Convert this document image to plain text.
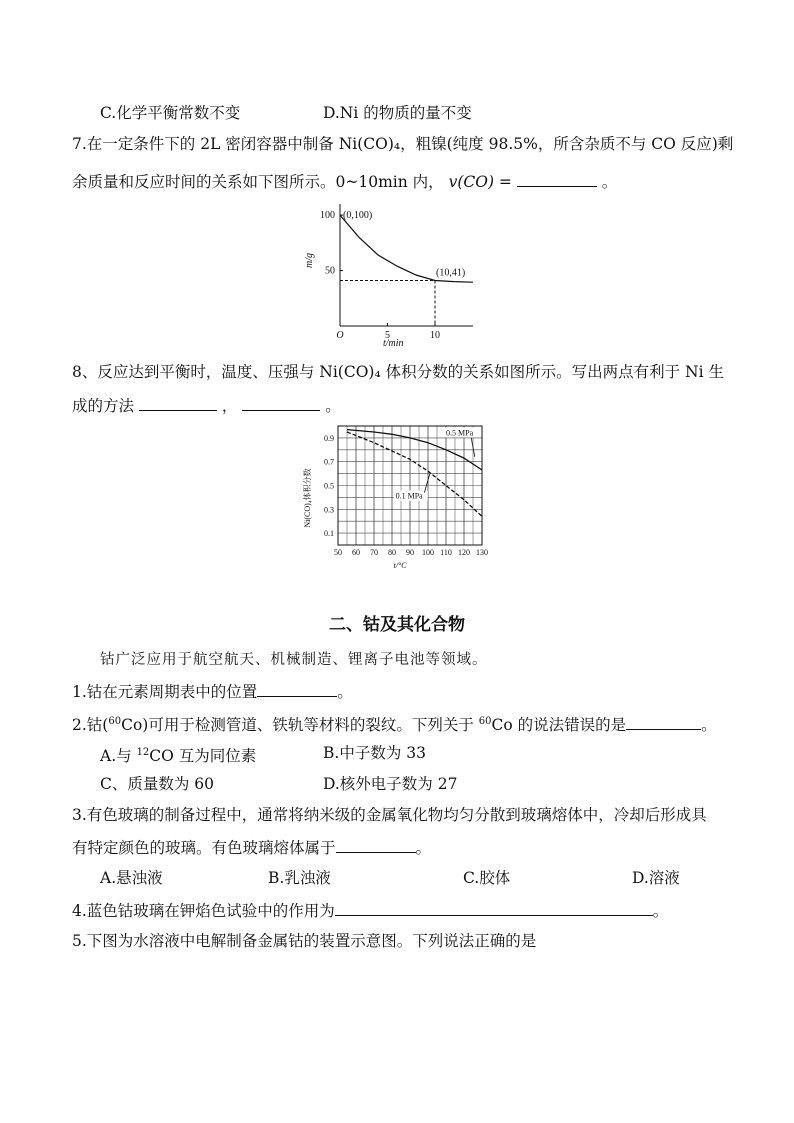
C.化学平衡常数不变	D.Ni 的物质的量不变
7.在一定条件下的 2L 密闭容器中制备 Ni(CO)₄，粗镍(纯度 98.5%，所含杂质不与 CO 反应)剩
余质量和反应时间的关系如下图所示。0~10min 内， v(CO) =	。
O	5	10
100
50
(0,100)
(10,41)
m/g
t/min
8、反应达到平衡时，温度、压强与 Ni(CO)₄ 体积分数的关系如图所示。写出两点有利于 Ni 生
成的方法	，	。
50 60 70 80 90 100 110 120 130
0.9
0.7
0.5
0.3
0.1
0.5 MPa
0.1 MPa
Ni(CO)₄体积分数
t/°C
二、钴及其化合物
钴广泛应用于航空航天、机械制造、锂离子电池等领域。
1.钴在元素周期表中的位置	。
2.钴($^{60}$Co)可用于检测管道、铁轨等材料的裂纹。下列关于 $^{60}$Co 的说法错误的是	。
A.与 $^{12}$CO 互为同位素	B.中子数为 33
C、质量数为 60	D.核外电子数为 27
3.有色玻璃的制备过程中，通常将纳米级的金属氧化物均匀分散到玻璃熔体中，冷却后形成具
有特定颜色的玻璃。有色玻璃熔体属于	。
A.悬浊液	B.乳浊液	C.胶体	D.溶液
4.蓝色钴玻璃在钾焰色试验中的作用为	。
5.下图为水溶液中电解制备金属钴的装置示意图。下列说法正确的是
